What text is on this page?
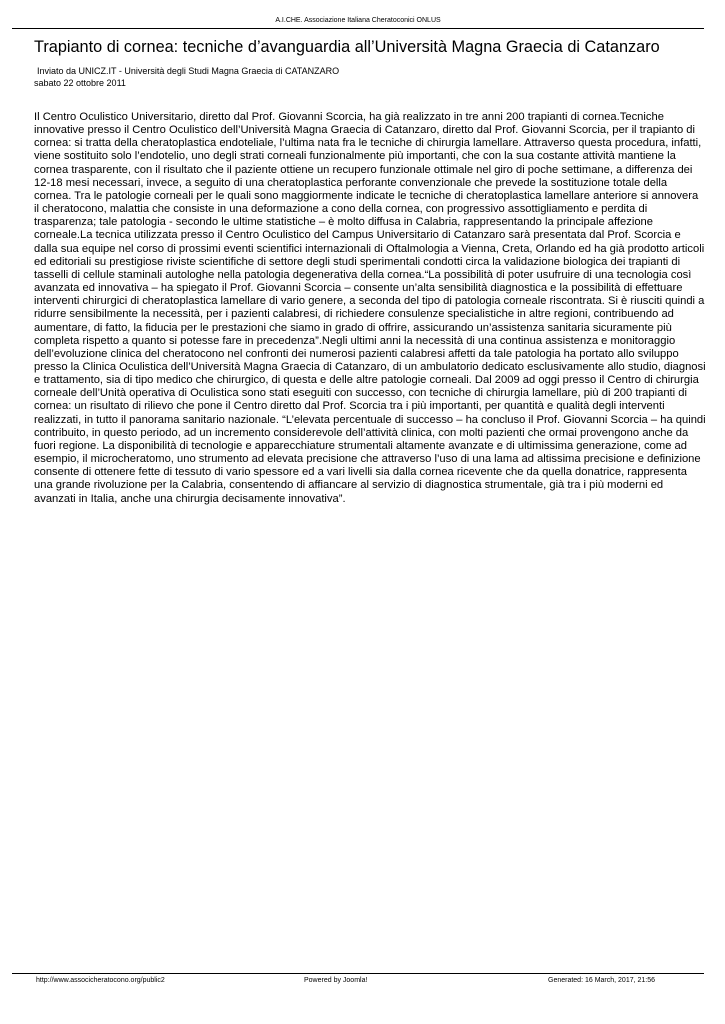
A.I.CHE. Associazione Italiana Cheratoconici ONLUS
Trapianto di cornea: tecniche d’avanguardia all’Università Magna Graecia di Catanzaro
Inviato da UNICZ.IT - Università degli Studi Magna Graecia di CATANZARO
sabato 22 ottobre 2011

Il Centro Oculistico Universitario, diretto dal Prof. Giovanni Scorcia, ha già realizzato in tre anni 200 trapianti di cornea.Tecniche innovative presso il Centro Oculistico dell’Università Magna Graecia di Catanzaro, diretto dal Prof. Giovanni Scorcia, per il trapianto di cornea: si tratta della cheratoplastica endoteliale, l’ultima nata fra le tecniche di chirurgia lamellare. Attraverso questa procedura, infatti, viene sostituito solo l’endotelio, uno degli strati corneali funzionalmente più importanti, che con la sua costante attività mantiene la cornea trasparente, con il risultato che il paziente ottiene un recupero funzionale ottimale nel giro di poche settimane, a differenza dei 12-18 mesi necessari, invece, a seguito di una cheratoplastica perforante convenzionale che prevede la sostituzione totale della cornea. Tra le patologie corneali per le quali sono maggiormente indicate le tecniche di cheratoplastica lamellare anteriore si annovera il cheratocono, malattia che consiste in una deformazione a cono della cornea, con progressivo assottigliamento e perdita di trasparenza; tale patologia - secondo le ultime statistiche – è molto diffusa in Calabria, rappresentando la principale affezione corneale.La tecnica utilizzata presso il Centro Oculistico del Campus Universitario di Catanzaro sarà presentata dal Prof. Scorcia e dalla sua equipe nel corso di prossimi eventi scientifici internazionali di Oftalmologia a Vienna, Creta, Orlando ed ha già prodotto articoli ed editoriali su prestigiose riviste scientifiche di settore degli studi sperimentali condotti circa la validazione biologica dei trapianti di tasselli di cellule staminali autologhe nella patologia degenerativa della cornea.“La possibilità di poter usufruire di una tecnologia così avanzata ed innovativa – ha spiegato il Prof. Giovanni Scorcia – consente un’alta sensibilità diagnostica e la possibilità di effettuare interventi chirurgici di cheratoplastica lamellare di vario genere, a seconda del tipo di patologia corneale riscontrata. Si è riusciti quindi a ridurre sensibilmente la necessità, per i pazienti calabresi, di richiedere consulenze specialistiche in altre regioni, contribuendo ad aumentare, di fatto, la fiducia per le prestazioni che siamo in grado di offrire, assicurando un’assistenza sanitaria sicuramente più completa rispetto a quanto si potesse fare in precedenza”.Negli ultimi anni la necessità di una continua assistenza e monitoraggio dell’evoluzione clinica del cheratocono nel confronti dei numerosi pazienti calabresi affetti da tale patologia ha portato allo sviluppo presso la Clinica Oculistica dell’Università Magna Graecia di Catanzaro, di un ambulatorio dedicato esclusivamente allo studio, diagnosi e trattamento, sia di tipo medico che chirurgico, di questa e delle altre patologie corneali. Dal 2009 ad oggi presso il Centro di chirurgia corneale dell’Unità operativa di Oculistica sono stati eseguiti con successo, con tecniche di chirurgia lamellare, più di 200 trapianti di cornea: un risultato di rilievo che pone il Centro diretto dal Prof. Scorcia tra i più importanti, per quantità e qualità degli interventi realizzati, in tutto il panorama sanitario nazionale. “L’elevata percentuale di successo – ha concluso il Prof. Giovanni Scorcia – ha quindi contribuito, in questo periodo, ad un incremento considerevole dell’attività clinica, con molti pazienti che ormai provengono anche da fuori regione. La disponibilità di tecnologie e apparecchiature strumentali altamente avanzate e di ultimissima generazione, come ad esempio, il microcheratomo, uno strumento ad elevata precisione che attraverso l’uso di una lama ad altissima precisione e definizione consente di ottenere fette di tessuto di vario spessore ed a vari livelli sia dalla cornea ricevente che da quella donatrice, rappresenta una grande rivoluzione per la Calabria, consentendo di affiancare al servizio di diagnostica strumentale, già tra i più moderni ed avanzati in Italia, anche una chirurgia decisamente innovativa”.

http://www.associcheratocono.org/public2	Powered by Joomla!	Generated: 16 March, 2017, 21:56
